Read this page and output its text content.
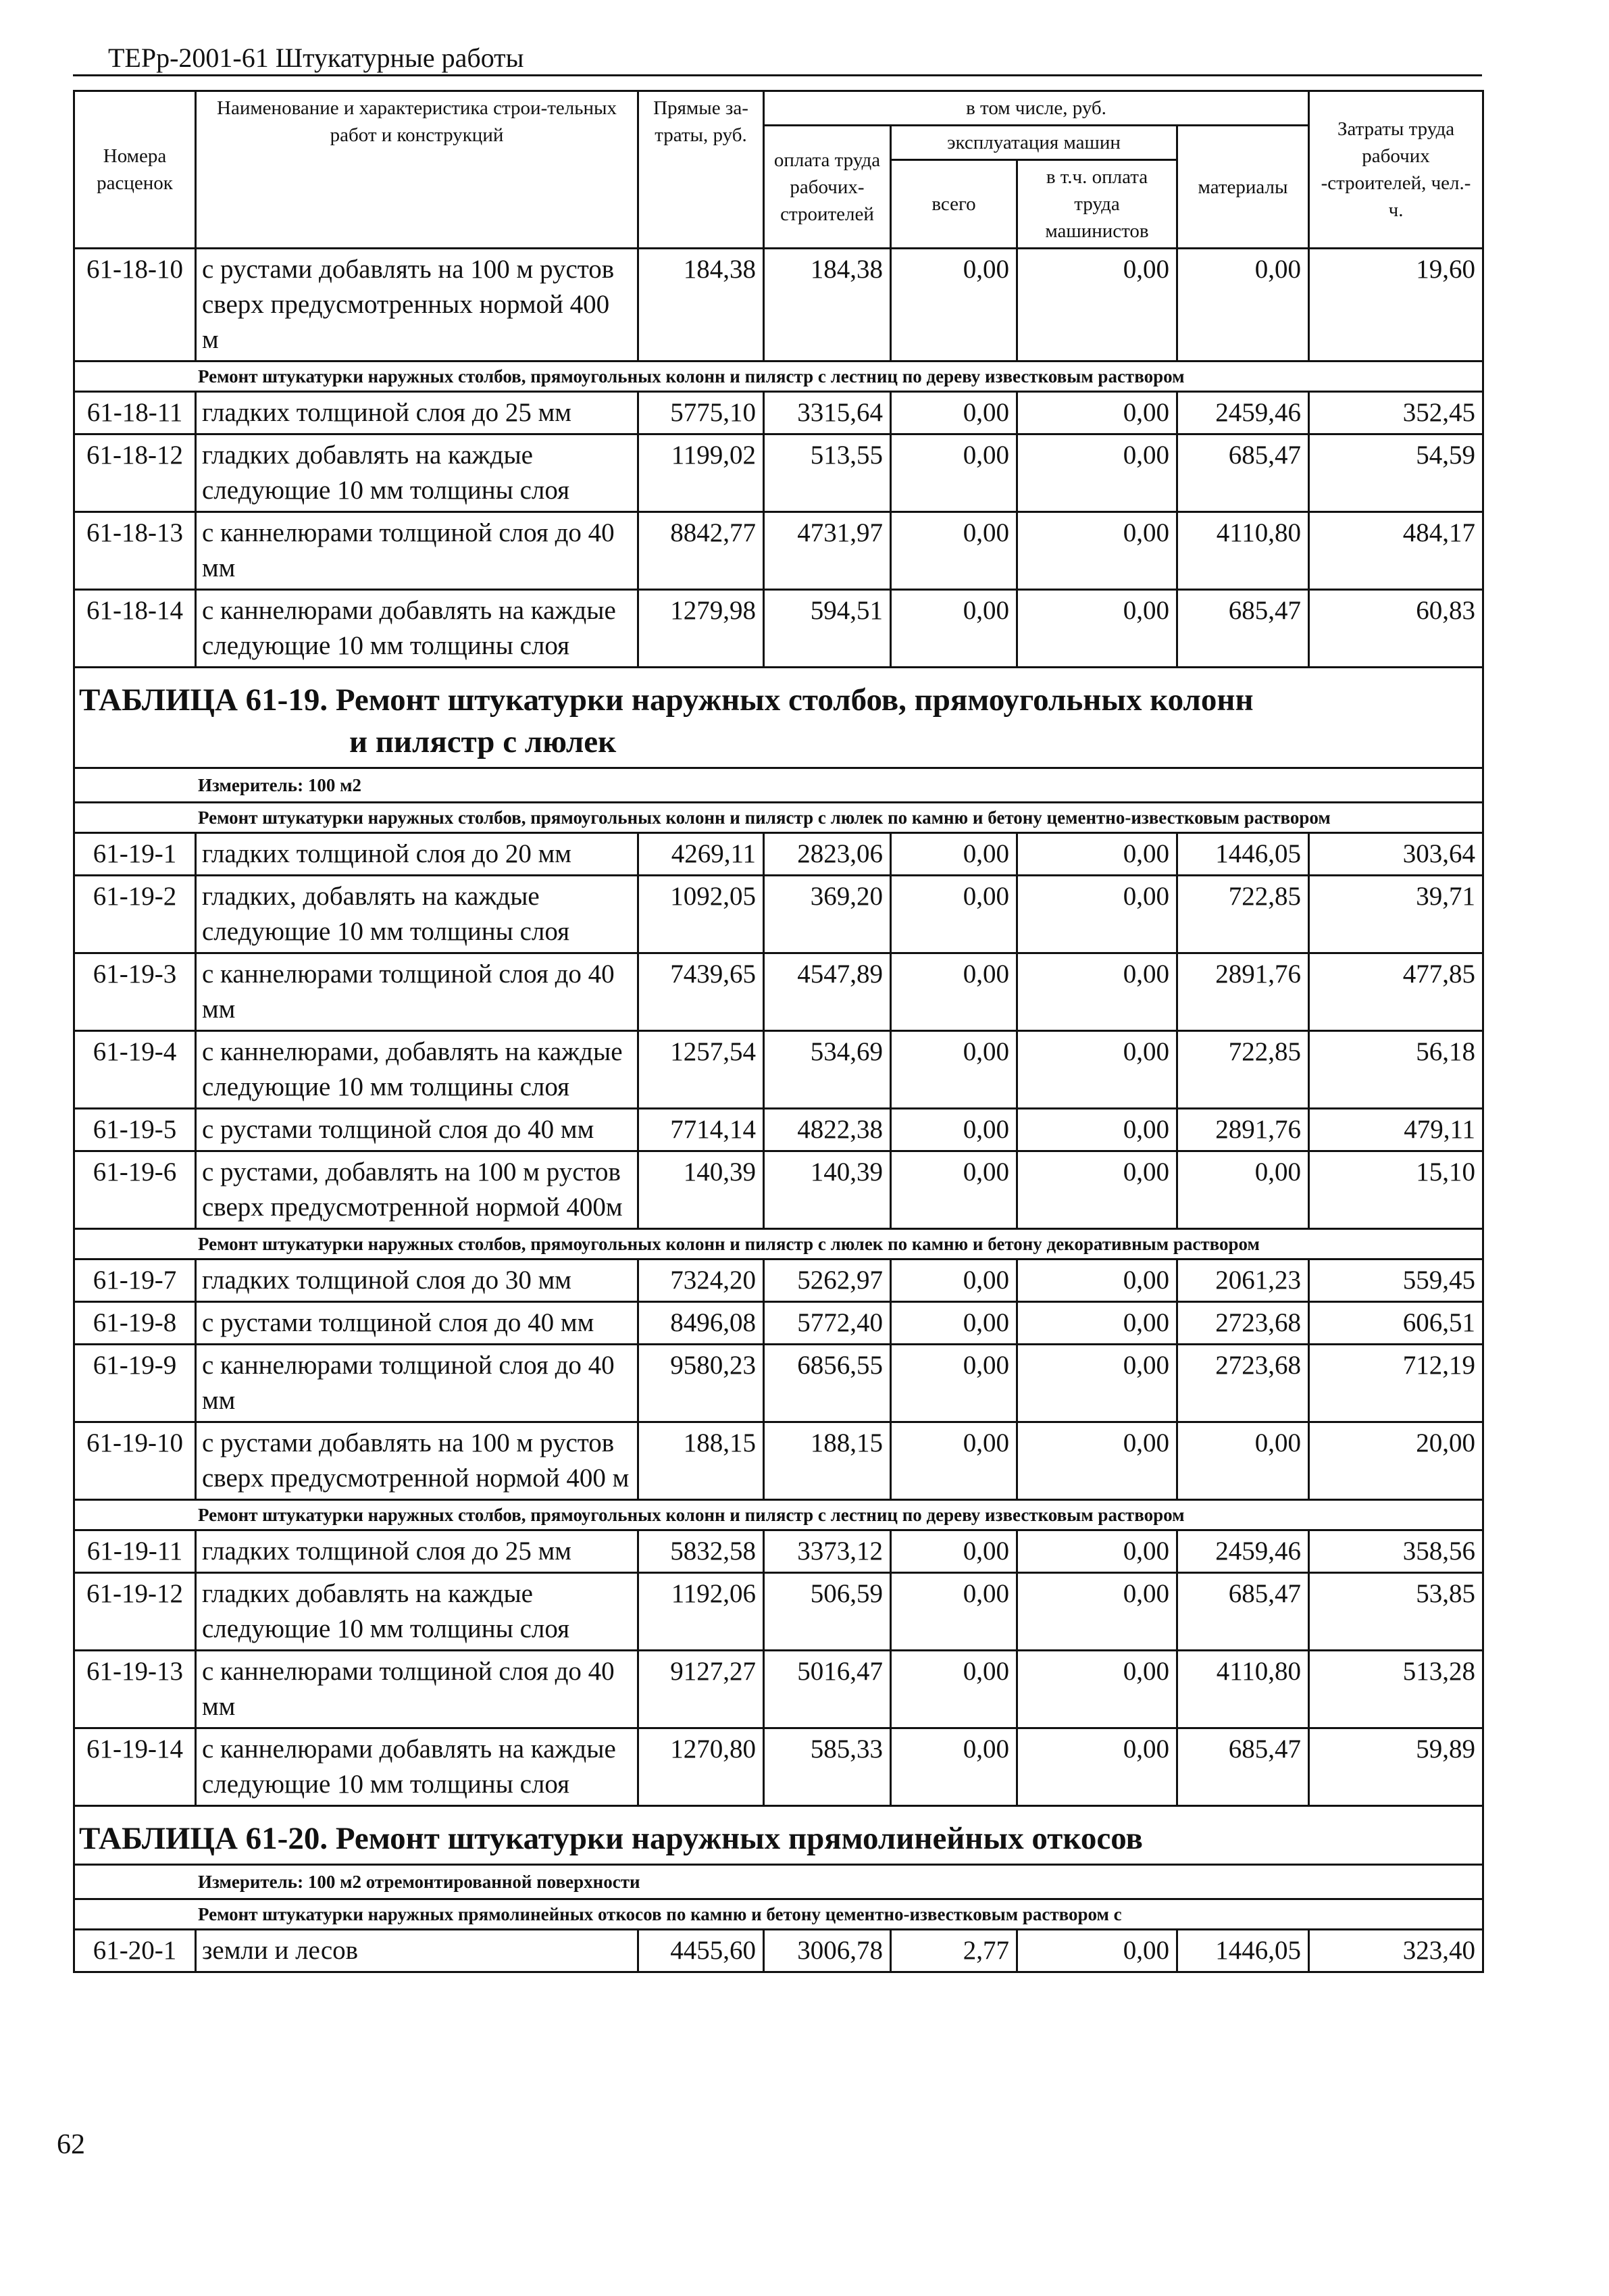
ТЕРр-2001-61 Штукатурные работы
Номера расценок	Наименование и характеристика строи-тельных работ и конструкций	Прямые за-траты, руб.	в том числе, руб.				Затраты труда рабочих -строителей, чел.-ч.
			оплата труда рабочих-строителей	эксплуатация машин		материалы	
				всего	в т.ч. оплата труда машинистов		
61-18-10	с рустами добавлять на 100 м рустов сверх предусмотренных нормой 400 м	184,38	184,38	0,00	0,00	0,00	19,60
Ремонт штукатурки наружных столбов, прямоугольных колонн и пилястр с лестниц по дереву известковым раствором							
61-18-11	гладких толщиной слоя до 25 мм	5775,10	3315,64	0,00	0,00	2459,46	352,45
61-18-12	гладких добавлять на каждые следующие 10 мм толщины слоя	1199,02	513,55	0,00	0,00	685,47	54,59
61-18-13	с каннелюрами толщиной слоя до 40 мм	8842,77	4731,97	0,00	0,00	4110,80	484,17
61-18-14	с каннелюрами добавлять на каждые следующие 10 мм толщины слоя	1279,98	594,51	0,00	0,00	685,47	60,83
ТАБЛИЦА 61-19. Ремонт штукатурки наружных столбов, прямоугольных колонн
и пилястр с люлек							

Измеритель: 100 м2							
Ремонт штукатурки наружных столбов, прямоугольных колонн и пилястр с люлек по камню и бетону цементно-известковым раствором							
61-19-1	гладких толщиной слоя до 20 мм	4269,11	2823,06	0,00	0,00	1446,05	303,64
61-19-2	гладких, добавлять на каждые следующие 10 мм толщины слоя	1092,05	369,20	0,00	0,00	722,85	39,71
61-19-3	с каннелюрами толщиной слоя до 40 мм	7439,65	4547,89	0,00	0,00	2891,76	477,85
61-19-4	с каннелюрами, добавлять на каждые следующие 10 мм толщины слоя	1257,54	534,69	0,00	0,00	722,85	56,18
61-19-5	с рустами толщиной слоя до 40 мм	7714,14	4822,38	0,00	0,00	2891,76	479,11
61-19-6	с рустами, добавлять на 100 м рустов сверх предусмотренной нормой 400м	140,39	140,39	0,00	0,00	0,00	15,10
Ремонт штукатурки наружных столбов, прямоугольных колонн и пилястр с люлек по камню и бетону декоративным раствором							
61-19-7	гладких толщиной слоя до 30 мм	7324,20	5262,97	0,00	0,00	2061,23	559,45
61-19-8	с рустами толщиной слоя до 40 мм	8496,08	5772,40	0,00	0,00	2723,68	606,51
61-19-9	с каннелюрами толщиной слоя до 40 мм	9580,23	6856,55	0,00	0,00	2723,68	712,19
61-19-10	с рустами добавлять на 100 м рустов сверх предусмотренной нормой 400 м	188,15	188,15	0,00	0,00	0,00	20,00
Ремонт штукатурки наружных столбов, прямоугольных колонн и пилястр с лестниц по дереву известковым раствором							
61-19-11	гладких толщиной слоя до 25 мм	5832,58	3373,12	0,00	0,00	2459,46	358,56
61-19-12	гладких добавлять на каждые следующие 10 мм толщины слоя	1192,06	506,59	0,00	0,00	685,47	53,85
61-19-13	с каннелюрами толщиной слоя до 40 мм	9127,27	5016,47	0,00	0,00	4110,80	513,28
61-19-14	с каннелюрами добавлять на каждые следующие 10 мм толщины слоя	1270,80	585,33	0,00	0,00	685,47	59,89
ТАБЛИЦА 61-20. Ремонт штукатурки наружных прямолинейных откосов							
Измеритель: 100 м2 отремонтированной поверхности							
Ремонт штукатурки наружных прямолинейных откосов по камню и бетону цементно-известковым раствором с							
61-20-1	земли и лесов	4455,60	3006,78	2,77	0,00	1446,05	323,40
62
